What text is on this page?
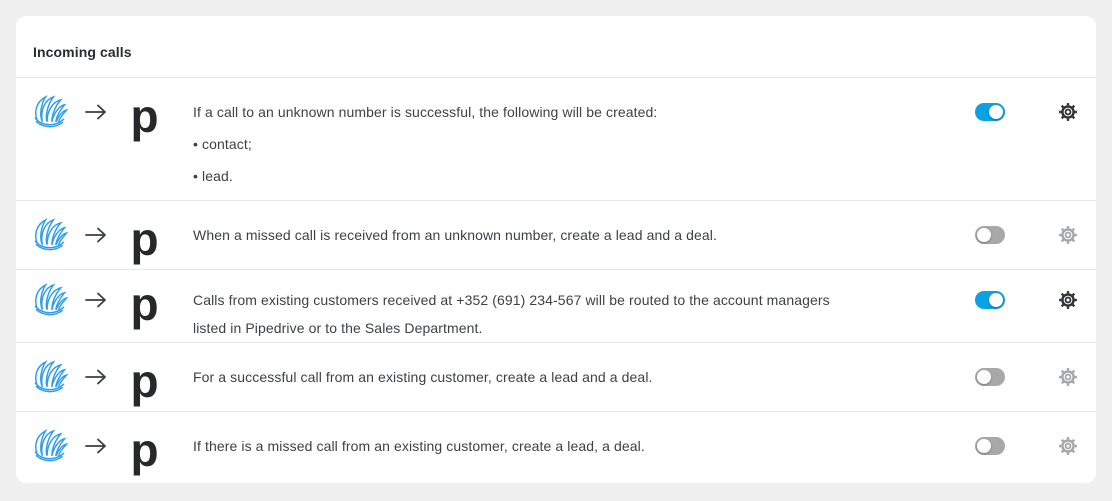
Incoming calls
p	If a call to an unknown number is successful, the following will be created:

• contact;

• lead.

p	When a missed call is received from an unknown number, create a lead and a deal.

p	Calls from existing customers received at +352 (691) 234-567 will be routed to the account managers listed in Pipedrive or to the Sales Department.

p	For a successful call from an existing customer, create a lead and a deal.

p	If there is a missed call from an existing customer, create a lead, a deal.
